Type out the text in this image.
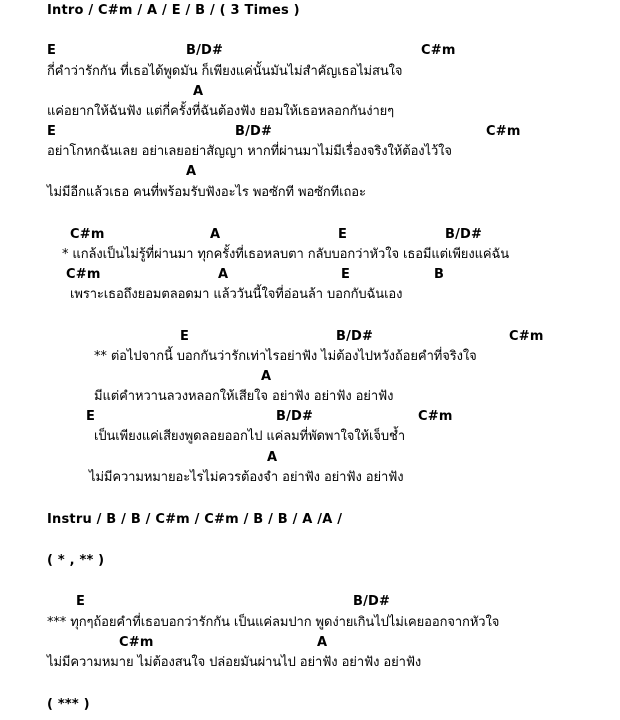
Intro / C#m / A / E / B / ( 3 Times )
E	B/D#	C#m
กี่คำว่ารักกัน ที่เธอได้พูดมัน ก็เพียงแค่นั้นมันไม่สำคัญเธอไม่สนใจ
A
แค่อยากให้ฉันฟัง แต่กี่ครั้งที่ฉันต้องฟัง ยอมให้เธอหลอกกันง่ายๆ
E	B/D#	C#m
อย่าโกหกฉันเลย อย่าเลยอย่าสัญญา หากที่ผ่านมาไม่มีเรื่องจริงให้ต้องไว้ใจ
A
ไม่มีอีกแล้วเธอ คนที่พร้อมรับฟังอะไร พอซักที พอซักทีเถอะ
C#m	A	E	B/D#
* แกล้งเป็นไม่รู้ที่ผ่านมา ทุกครั้งที่เธอหลบตา กลับบอกว่าหัวใจ เธอมีแต่เพียงแค่ฉัน
C#m	A	E	B
เพราะเธอถึงยอมตลอดมา แล้ววันนี้ใจที่อ่อนล้า บอกกับฉันเอง
E	B/D#	C#m
** ต่อไปจากนี้ บอกกันว่ารักเท่าไรอย่าฟัง ไม่ต้องไปหวังถ้อยคำที่จริงใจ
A
มีแต่คำหวานลวงหลอกให้เสียใจ อย่าฟัง อย่าฟัง อย่าฟัง
E	B/D#	C#m
เป็นเพียงแค่เสียงพูดลอยออกไป แค่ลมที่พัดพาใจให้เจ็บช้ำ
A
ไม่มีความหมายอะไรไม่ควรต้องจำ อย่าฟัง อย่าฟัง อย่าฟัง
Instru / B / B / C#m / C#m / B / B / A /A /
( * , ** )
E	B/D#
*** ทุกๆถ้อยคำที่เธอบอกว่ารักกัน เป็นแค่ลมปาก พูดง่ายเกินไปไม่เคยออกจากหัวใจ
C#m	A
ไม่มีความหมาย ไม่ต้องสนใจ ปล่อยมันผ่านไป อย่าฟัง อย่าฟัง อย่าฟัง
( *** )
